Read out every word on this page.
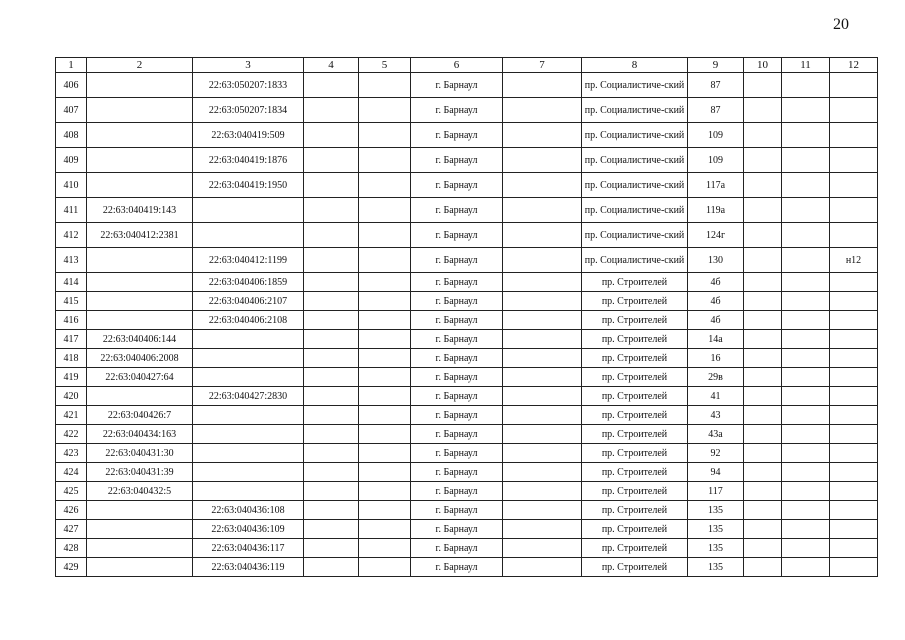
20
1	2	3	4	5	6	7	8	9	10	11	12
406		22:63:050207:1833			г. Барнаул		пр. Социалистиче-ский	87			
407		22:63:050207:1834			г. Барнаул		пр. Социалистиче-ский	87			
408		22:63:040419:509			г. Барнаул		пр. Социалистиче-ский	109			
409		22:63:040419:1876			г. Барнаул		пр. Социалистиче-ский	109			
410		22:63:040419:1950			г. Барнаул		пр. Социалистиче-ский	117а			
411	22:63:040419:143				г. Барнаул		пр. Социалистиче-ский	119а			
412	22:63:040412:2381				г. Барнаул		пр. Социалистиче-ский	124г			
413		22:63:040412:1199			г. Барнаул		пр. Социалистиче-ский	130			н12
414		22:63:040406:1859			г. Барнаул		пр. Строителей	4б			
415		22:63:040406:2107			г. Барнаул		пр. Строителей	4б			
416		22:63:040406:2108			г. Барнаул		пр. Строителей	4б			
417	22:63:040406:144				г. Барнаул		пр. Строителей	14а			
418	22:63:040406:2008				г. Барнаул		пр. Строителей	16			
419	22:63:040427:64				г. Барнаул		пр. Строителей	29в			
420		22:63:040427:2830			г. Барнаул		пр. Строителей	41			
421	22:63:040426:7				г. Барнаул		пр. Строителей	43			
422	22:63:040434:163				г. Барнаул		пр. Строителей	43а			
423	22:63:040431:30				г. Барнаул		пр. Строителей	92			
424	22:63:040431:39				г. Барнаул		пр. Строителей	94			
425	22:63:040432:5				г. Барнаул		пр. Строителей	117			
426		22:63:040436:108			г. Барнаул		пр. Строителей	135			
427		22:63:040436:109			г. Барнаул		пр. Строителей	135			
428		22:63:040436:117			г. Барнаул		пр. Строителей	135			
429		22:63:040436:119			г. Барнаул		пр. Строителей	135			
